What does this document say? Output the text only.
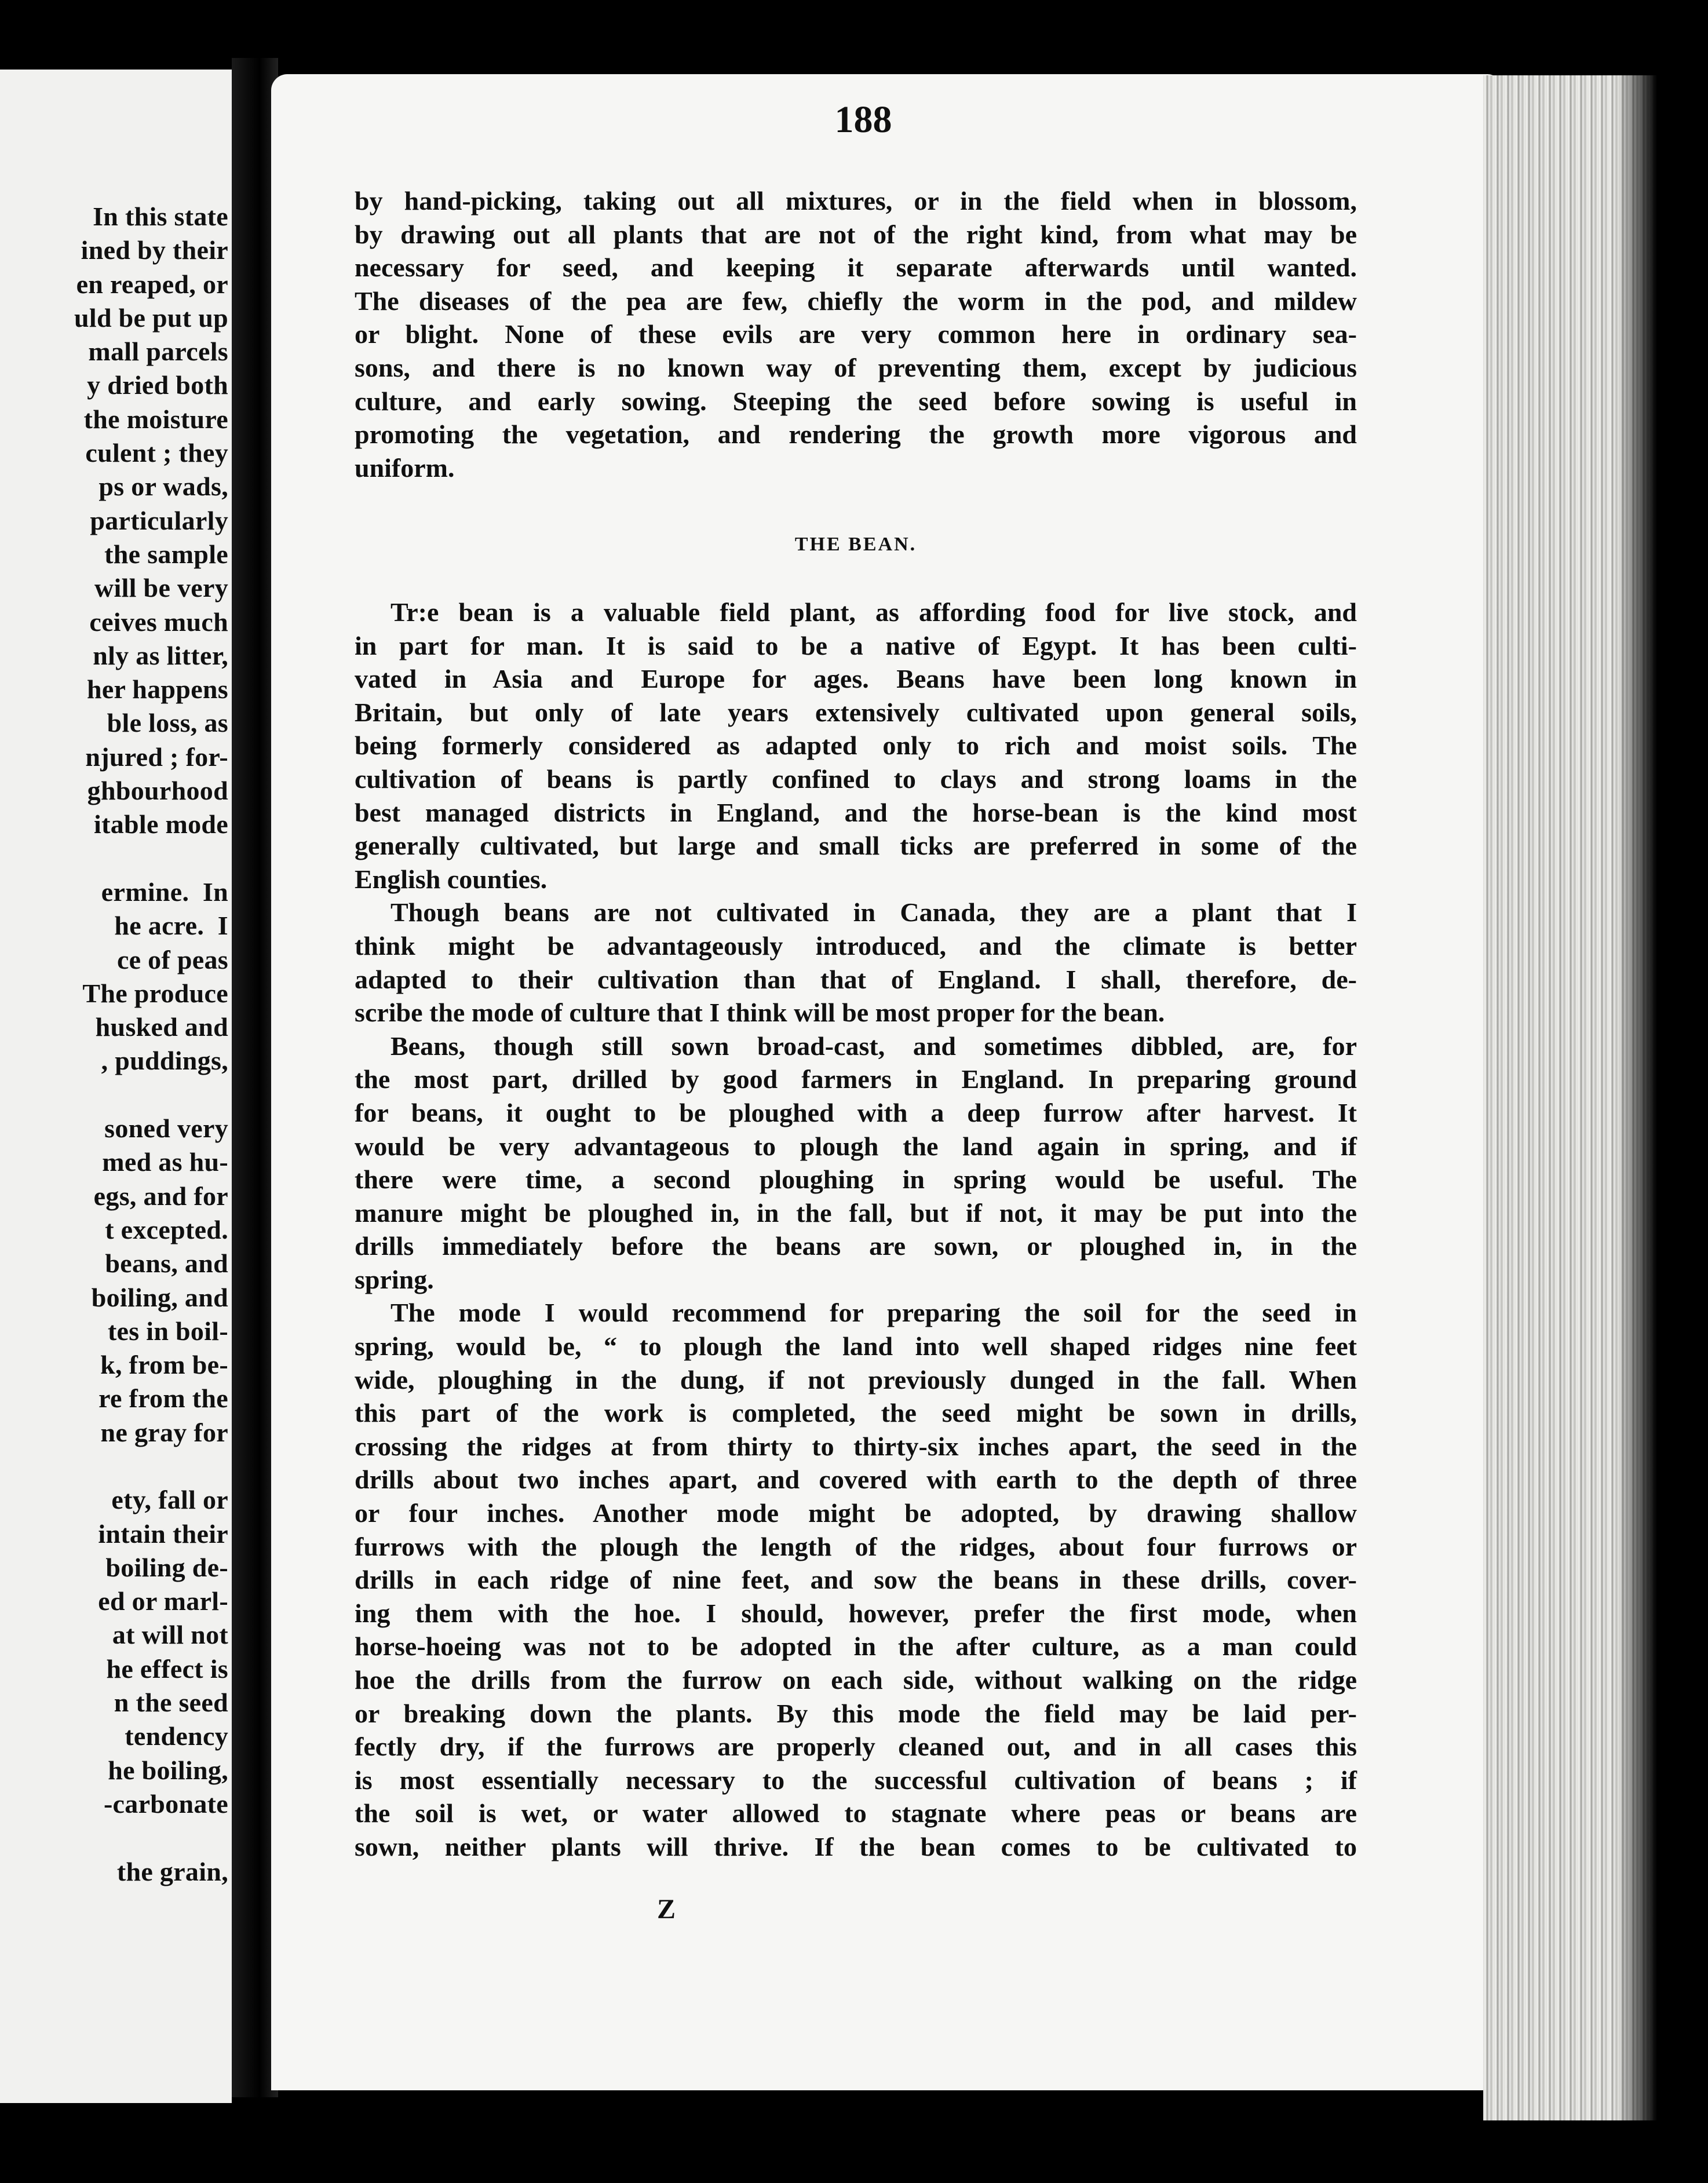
In this state
ined by their
en reaped, or
uld be put up
mall parcels
y dried both
the moisture
culent ; they
ps or wads,
particularly
the sample
will be very
ceives much
nly as litter,
her happens
ble loss, as
njured ; for-
ghbourhood
itable mode

ermine.  In
he acre.  I
ce of peas
The produce
husked and
, puddings,

soned very
med as hu-
egs, and for
t excepted.
beans, and
boiling, and
tes in boil-
k, from be-
re from the
ne gray for

ety, fall or
intain their
boiling de-
ed or marl-
at will not
he effect is
n the seed
tendency
he boiling,
-carbonate

the grain,
188
by hand-picking, taking out all mixtures, or in the field when in blossom,
by drawing out all plants that are not of the right kind, from what may be
necessary for seed, and keeping it separate afterwards until wanted.
The diseases of the pea are few, chiefly the worm in the pod, and mildew
or blight. None of these evils are very common here in ordinary sea-
sons, and there is no known way of preventing them, except by judicious
culture, and early sowing. Steeping the seed before sowing is useful in
promoting the vegetation, and rendering the growth more vigorous and
uniform.
THE BEAN.
Tr:e bean is a valuable field plant, as affording food for live stock, and
in part for man. It is said to be a native of Egypt. It has been culti-
vated in Asia and Europe for ages. Beans have been long known in
Britain, but only of late years extensively cultivated upon general soils,
being formerly considered as adapted only to rich and moist soils. The
cultivation of beans is partly confined to clays and strong loams in the
best managed districts in England, and the horse-bean is the kind most
generally cultivated, but large and small ticks are preferred in some of the
English counties.
Though beans are not cultivated in Canada, they are a plant that I
think might be advantageously introduced, and the climate is better
adapted to their cultivation than that of England. I shall, therefore, de-
scribe the mode of culture that I think will be most proper for the bean.
Beans, though still sown broad-cast, and sometimes dibbled, are, for
the most part, drilled by good farmers in England. In preparing ground
for beans, it ought to be ploughed with a deep furrow after harvest. It
would be very advantageous to plough the land again in spring, and if
there were time, a second ploughing in spring would be useful. The
manure might be ploughed in, in the fall, but if not, it may be put into the
drills immediately before the beans are sown, or ploughed in, in the
spring.
The mode I would recommend for preparing the soil for the seed in
spring, would be, “ to plough the land into well shaped ridges nine feet
wide, ploughing in the dung, if not previously dunged in the fall. When
this part of the work is completed, the seed might be sown in drills,
crossing the ridges at from thirty to thirty-six inches apart, the seed in the
drills about two inches apart, and covered with earth to the depth of three
or four inches. Another mode might be adopted, by drawing shallow
furrows with the plough the length of the ridges, about four furrows or
drills in each ridge of nine feet, and sow the beans in these drills, cover-
ing them with the hoe. I should, however, prefer the first mode, when
horse-hoeing was not to be adopted in the after culture, as a man could
hoe the drills from the furrow on each side, without walking on the ridge
or breaking down the plants. By this mode the field may be laid per-
fectly dry, if the furrows are properly cleaned out, and in all cases this
is most essentially necessary to the successful cultivation of beans ; if
the soil is wet, or water allowed to stagnate where peas or beans are
sown, neither plants will thrive. If the bean comes to be cultivated to
Z
